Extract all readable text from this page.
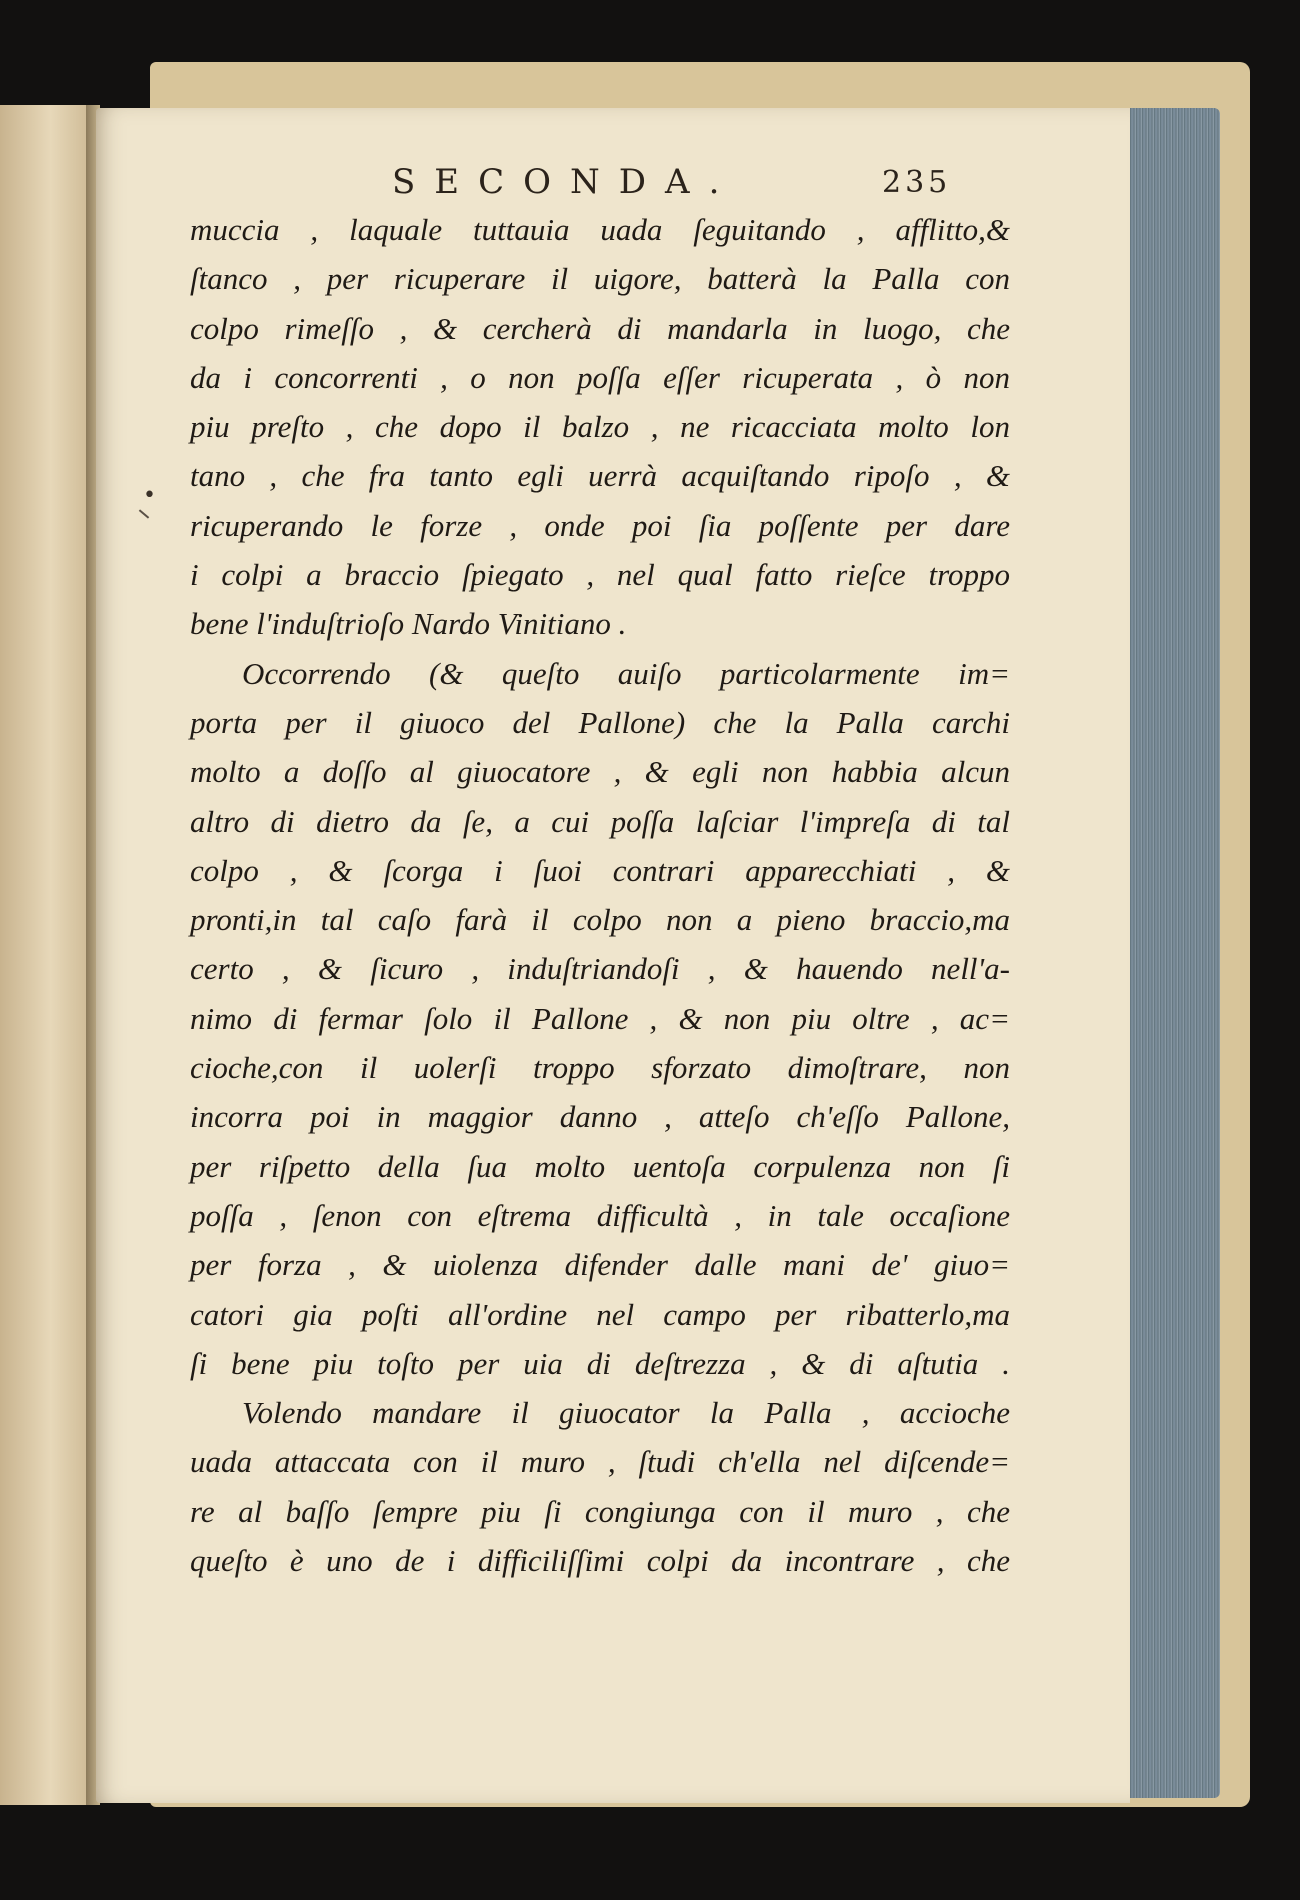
SECONDA.	235
•
muccia , laquale tuttauia uada ſeguitando , afflitto,&
ſtanco , per ricuperare il uigore, batterà la Palla con
colpo rimeſſo , & cercherà di mandarla in luogo, che
da i concorrenti , o non poſſa eſſer ricuperata , ò non
piu preſto , che dopo il balzo , ne ricacciata molto lon
tano , che fra tanto egli uerrà acquiſtando ripoſo , &
ricuperando le forze , onde poi ſia poſſente per dare
i colpi a braccio ſpiegato , nel qual fatto rieſce troppo
bene l'induſtrioſo Nardo Vinitiano .
Occorrendo (& queſto auiſo particolarmente im=
porta per il giuoco del Pallone) che la Palla carchi
molto a doſſo al giuocatore , & egli non habbia alcun
altro di dietro da ſe, a cui poſſa laſciar l'impreſa di tal
colpo , & ſcorga i ſuoi contrari apparecchiati , &
pronti,in tal caſo farà il colpo non a pieno braccio,ma
certo , & ſicuro , induſtriandoſi , & hauendo nell'a-
nimo di fermar ſolo il Pallone , & non piu oltre , ac=
cioche,con il uolerſi troppo sforzato dimoſtrare, non
incorra poi in maggior danno , atteſo ch'eſſo Pallone,
per riſpetto della ſua molto uentoſa corpulenza non ſi
poſſa , ſenon con eſtrema difficultà , in tale occaſione
per forza , & uiolenza difender dalle mani de' giuo=
catori gia poſti all'ordine nel campo per ribatterlo,ma
ſi bene piu toſto per uia di deſtrezza , & di aſtutia .
Volendo mandare il giuocator la Palla , accioche
uada attaccata con il muro , ſtudi ch'ella nel diſcende=
re al baſſo ſempre piu ſi congiunga con il muro , che
queſto è uno de i difficiliſſimi colpi da incontrare , che
